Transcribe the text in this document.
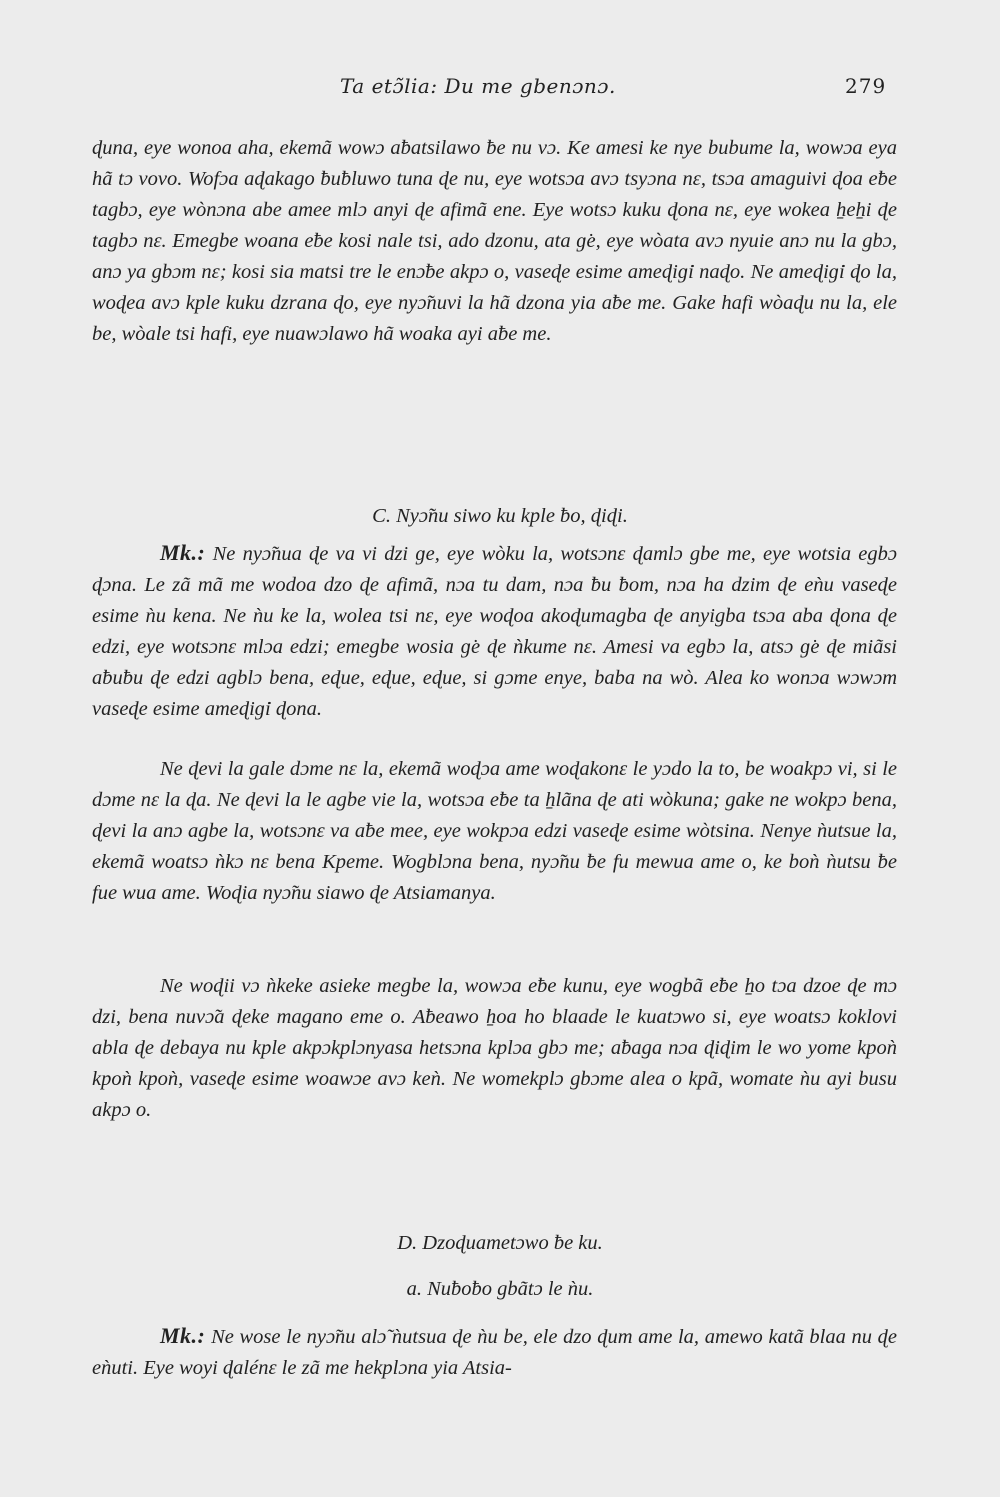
Ta etɔ̃lia: Du me gbenɔnɔ.	279

ɖuna, eye wonoa aha, ekemã wowɔ aƀatsilawo ƀe nu vɔ. Ke amesi ke nye bubume la, wowɔa eya hã tɔ vovo. Wofɔa aɖakago ƀuƀluwo tuna ɖe nu, eye wotsɔa avɔ tsyɔna nɛ, tsɔa amaguivi ɖoa eƀe tagbɔ, eye wònɔna abe amee mlɔ anyi ɖe afimã ene. Eye wotsɔ kuku ɖona nɛ, eye wokea ẖeẖi ɖe tagbɔ nɛ. Emegbe woana eƀe kosi nale tsi, ado dzonu, ata ɡ̇e, eye wòata avɔ nyuie anɔ nu la gbɔ, anɔ ya gbɔm nɛ; kosi sia matsi tre le enɔƀe akpɔ o, vaseɖe esime ameɖiɡ̇i naɖo. Ne ameɖiɡ̇i ɖo la, woɖea avɔ kple kuku dzrana ɖo, eye nyɔ̃nuvi la hã dzona yia aƀe me. Gake hafi wòaɖu nu la, ele be, wòale tsi hafi, eye nuawɔlawo hã woaka ayi aƀe me.

C. Nyɔ̃nu siwo ku kple ƀo, ɖiɖi.

Mk.: Ne nyɔ̃nua ɖe va vi dzi ɡe, eye wòku la, wotsɔnɛ ɖamlɔ gbe me, eye wotsia egbɔ ɖɔna. Le zã mã me wodoa dzo ɖe afimã, nɔa tu dam, nɔa ƀu ƀom, nɔa ha dzim ɖe eǹu vaseɖe esime ǹu kena. Ne ǹu ke la, wolea tsi nɛ, eye woɖoa akoɖumagba ɖe anyigba tsɔa aba ɖona ɖe edzi, eye wotsɔnɛ mlɔa edzi; emegbe wosia ɡ̇e ɖe ǹkume nɛ. Amesi va egbɔ la, atsɔ ɡ̇e ɖe miãsi aƀuƀu ɖe edzi agblɔ bena, eɖue, eɖue, eɖue, si gɔme enye, baba na wò. Alea ko wonɔa wɔwɔm vaseɖe esime ameɖiɡ̇i ɖona.

Ne ɖevi la gale dɔme nɛ la, ekemã woɖɔa ame woɖakonɛ le yɔdo la to, be woakpɔ vi, si le dɔme nɛ la ɖa. Ne ɖevi la le agbe vie la, wotsɔa eƀe ta ẖlãna ɖe ati wòkuna; gake ne wokpɔ bena, ɖevi la anɔ agbe la, wotsɔnɛ va aƀe mee, eye wokpɔa edzi vaseɖe esime wòtsina. Nenye ǹutsue la, ekemã woatsɔ ǹkɔ nɛ bena Kpeme. Wogblɔna bena, nyɔ̃nu ƀe fu mewua ame o, ke boǹ ǹutsu ƀe fue wua ame. Woɖia nyɔ̃nu siawo ɖe Atsiamanya.

Ne woɖii vɔ ǹkeke asieke megbe la, wowɔa eƀe kunu, eye wogbã eƀe ẖo tɔa dzoe ɖe mɔ dzi, bena nuvɔ̃a ɖeke magano eme o. Aƀeawo ẖoa ho blaade le kuatɔwo si, eye woatsɔ koklovi abla ɖe debaya nu kple akpɔkplɔnyasa hetsɔna kplɔa gbɔ me; aƀaga nɔa ɖiɖim le wo yome kpoǹ kpoǹ kpoǹ, vaseɖe esime woawɔe avɔ keǹ. Ne womekplɔ gbɔme alea o kpã, womate ǹu ayi busu akpɔ o.

D. Dzoɖuametɔwo ƀe ku.
a. Nuƀoƀo gbãtɔ le ǹu.

Mk.: Ne wose le nyɔ̃nu alɔ̃ ǹutsua ɖe ǹu be, ele dzo ɖum ame la, amewo katã blaa nu ɖe eǹuti. Eye woyi ɖalénɛ le zã me hekplɔna yia Atsia-
